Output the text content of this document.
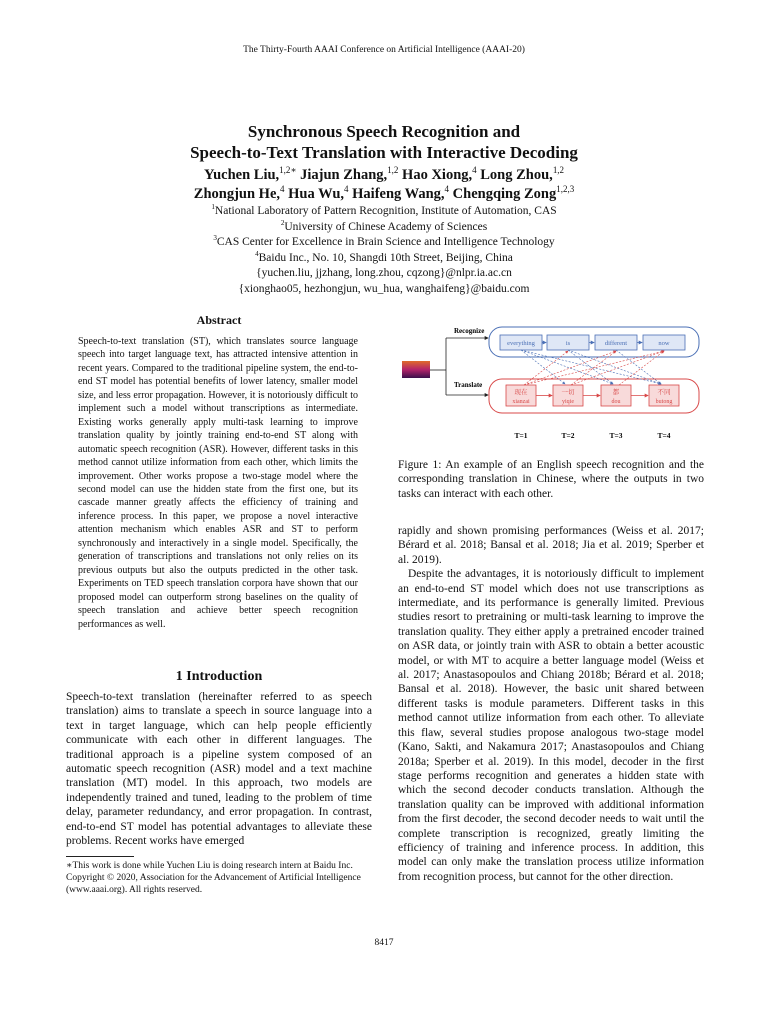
The Thirty-Fourth AAAI Conference on Artificial Intelligence (AAAI-20)
Synchronous Speech Recognition and
Speech-to-Text Translation with Interactive Decoding
Yuchen Liu,$^{1,2∗}$ Jiajun Zhang,$^{1,2}$ Hao Xiong,$^4$ Long Zhou,$^{1,2}$
Zhongjun He,$^4$ Hua Wu,$^4$ Haifeng Wang,$^4$ Chengqing Zong$^{1,2,3}$
$^1$National Laboratory of Pattern Recognition, Institute of Automation, CAS
$^2$University of Chinese Academy of Sciences
$^3$CAS Center for Excellence in Brain Science and Intelligence Technology
$^4$Baidu Inc., No. 10, Shangdi 10th Street, Beijing, China
{yuchen.liu, jjzhang, long.zhou, cqzong}@nlpr.ia.ac.cn
{xionghao05, hezhongjun, wu_hua, wanghaifeng}@baidu.com
Abstract
Speech-to-text translation (ST), which translates source language speech into target language text, has attracted intensive attention in recent years. Compared to the traditional pipeline system, the end-to-end ST model has potential benefits of lower latency, smaller model size, and less error propagation. However, it is notoriously difficult to implement such a model without transcriptions as intermediate. Existing works generally apply multi-task learning to improve translation quality by jointly training end-to-end ST along with automatic speech recognition (ASR). However, different tasks in this method cannot utilize information from each other, which limits the improvement. Other works propose a two-stage model where the second model can use the hidden state from the first one, but its cascade manner greatly affects the efficiency of training and inference process. In this paper, we propose a novel interactive attention mechanism which enables ASR and ST to perform synchronously and interactively in a single model. Specifically, the generation of transcriptions and translations not only relies on its previous outputs but also the outputs predicted in the other task. Experiments on TED speech translation corpora have shown that our proposed model can outperform strong baselines on the quality of speech translation and achieve better speech recognition performances as well.
1 Introduction
Speech-to-text translation (hereinafter referred to as speech translation) aims to translate a speech in source language into a text in target language, which can help people efficiently communicate with each other in different languages. The traditional approach is a pipeline system composed of an automatic speech recognition (ASR) model and a text machine translation (MT) model. In this approach, two models are independently trained and tuned, leading to the problem of time delay, parameter redundancy, and error propagation. In contrast, end-to-end ST model has potential advantages to alleviate these problems. Recent works have emerged
∗This work is done while Yuchen Liu is doing research intern at Baidu Inc.
Copyright © 2020, Association for the Advancement of Artificial Intelligence (www.aaai.org). All rights reserved.
Recognize
Translate
everything	is	different	now
现在
xianzai
一切
yiqie
都
dou
不同
butong
T=1	T=2	T=3	T=4
Figure 1: An example of an English speech recognition and the corresponding translation in Chinese, where the outputs in two tasks can interact with each other.

rapidly and shown promising performances (Weiss et al. 2017; Bérard et al. 2018; Bansal et al. 2018; Jia et al. 2019; Sperber et al. 2019).

Despite the advantages, it is notoriously difficult to implement an end-to-end ST model which does not use transcriptions as intermediate, and its performance is generally limited. Previous studies resort to pretraining or multi-task learning to improve the translation quality. They either apply a pretrained encoder trained on ASR data, or jointly train with ASR to obtain a better acoustic model, or with MT to acquire a better language model (Weiss et al. 2017; Anastasopoulos and Chiang 2018b; Bérard et al. 2018; Bansal et al. 2018). However, the basic unit shared between different tasks is module parameters. Different tasks in this method cannot utilize information from each other. To alleviate this flaw, several studies propose analogous two-stage model (Kano, Sakti, and Nakamura 2017; Anastasopoulos and Chiang 2018a; Sperber et al. 2019). In this model, decoder in the first stage performs recognition and generates a hidden state with which the second decoder conducts translation. Although the translation quality can be improved with additional information from the first decoder, the second decoder needs to wait until the complete transcription is recognized, greatly limiting the efficiency of training and inference process. In addition, this model can only make the translation process utilize information from recognition process, but cannot for the other direction.

8417
